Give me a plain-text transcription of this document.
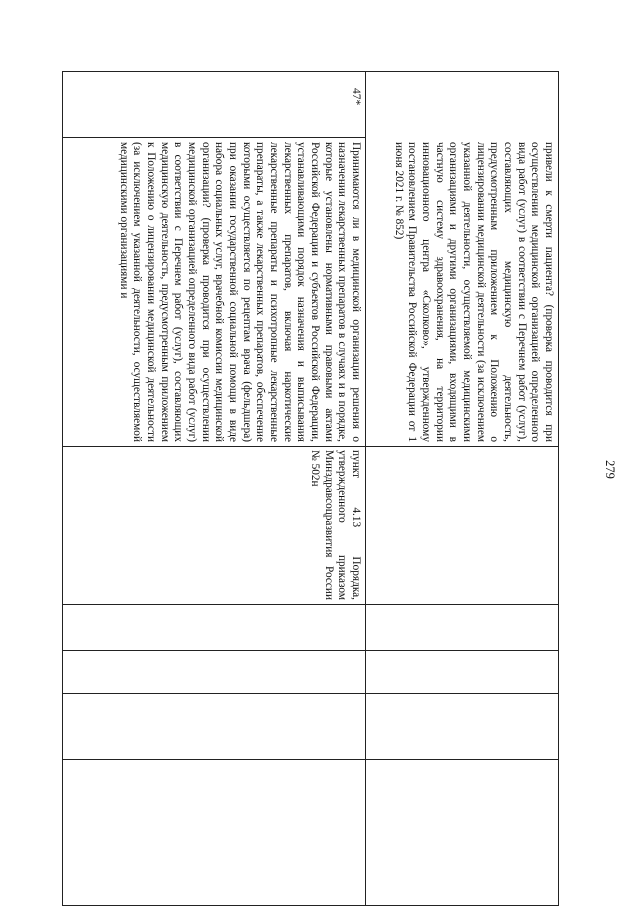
279

привели к смерти пациента? (проверка проводится при осуществлении медицинской организацией определенного вида работ (услуг) в соответствии с Перечнем работ (услуг), составляющих медицинскую деятельность, предусмотренным приложением к Положению о лицензировании медицинской деятельности (за исключением указанной деятельности, осуществляемой медицинскими организациями и другими организациями, входящими в частную систему здравоохранения, на территории инновационного центра «Сколково», утвержденному постановлением Правительства Российской Федерации от 1 июня 2021 г. № 852)

47*

Принимаются ли в медицинской организации решения о назначении лекарственных препаратов в случаях и в порядке, которые установлены нормативными правовыми актами Российской Федерации и субъектов Российской Федерации, устанавливающими порядок назначения и выписывания лекарственных препаратов, включая наркотические лекарственные препараты и психотропные лекарственные препараты, а также лекарственных препаратов, обеспечение которыми осуществляется по рецептам врача (фельдшера) при оказании государственной социальной помощи в виде набора социальных услуг, врачебной комиссии медицинской организации? (проверка проводится при осуществлении медицинской организацией определенного вида работ (услуг) в соответствии с Перечнем работ (услуг), составляющих медицинскую деятельность, предусмотренным приложением к Положению о лицензировании медицинской деятельности (за исключением указанной деятельности, осуществляемой медицинскими организациями и

пункт 4.13 Порядка, утвержденного приказом Минздравсоцразвития России № 502н
